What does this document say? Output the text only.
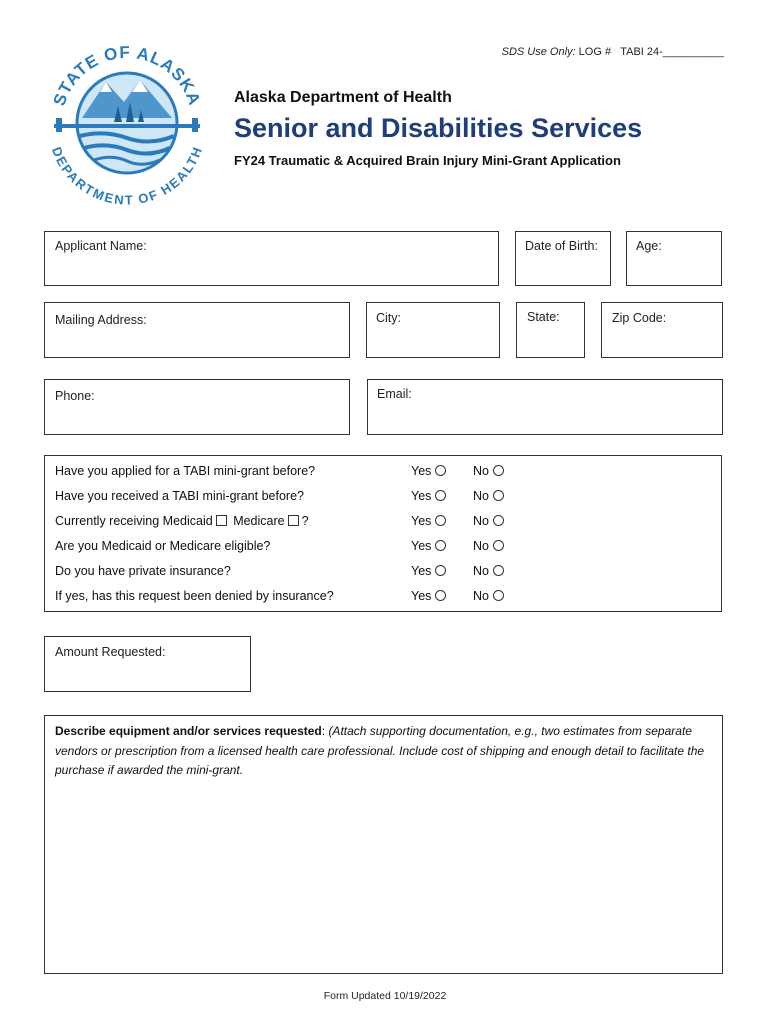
STATE OF ALASKA
DEPARTMENT OF HEALTH
SDS Use Only: LOG # TABI 24-__________
Alaska Department of Health
Senior and Disabilities Services
FY24 Traumatic & Acquired Brain Injury Mini-Grant Application
Applicant Name:	Date of Birth:	Age:
Mailing Address:	City:	State:	Zip Code:
Phone:	Email:
Have you applied for a TABI mini-grant before?	Yes	No
Have you received a TABI mini-grant before?	Yes	No
Currently receiving Medicaid Medicare ?	Yes	No
Are you Medicaid or Medicare eligible?	Yes	No
Do you have private insurance?	Yes	No
If yes, has this request been denied by insurance?	Yes	No
Amount Requested:
Describe equipment and/or services requested: (Attach supporting documentation, e.g., two estimates from separate vendors or prescription from a licensed health care professional. Include cost of shipping and enough detail to facilitate the purchase if awarded the mini-grant.
Form Updated 10/19/2022
